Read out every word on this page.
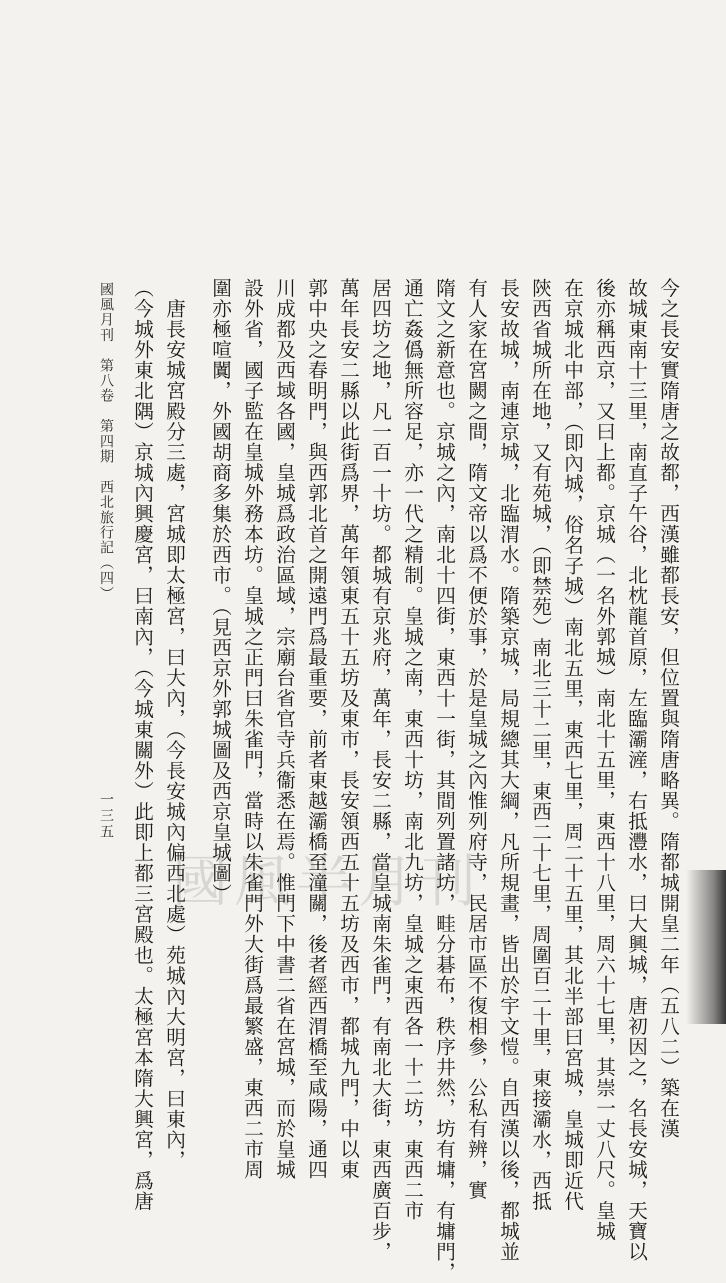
今之長安實隋唐之故都，西漢雖都長安，但位置與隋唐略異。隋都城開皇二年（五八二）築在漢
故城東南十三里，南直子午谷，北枕龍首原，左臨灞滻，右抵灃水，曰大興城，唐初因之，名長安城，天寶以
後亦稱西京，又曰上都。京城（一名外郭城）南北十五里，東西十八里，周六十七里，其崇一丈八尺。皇城
在京城北中部，（即內城，俗名子城）南北五里，東西七里，周二十五里，其北半部曰宮城，皇城即近代
陝西省城所在地，又有苑城，（即禁苑）南北三十二里，東西二十七里，周圍百二十里，東接灞水，西抵
長安故城，南連京城，北臨渭水。隋築京城，局規總其大綱，凡所規畫，皆出於宇文愷。自西漢以後，都城並
有人家在宮闕之間，隋文帝以爲不便於事，於是皇城之內惟列府寺，民居市區不復相參，公私有辨，實
隋文之新意也。京城之內，南北十四街，東西十一街，其間列置諸坊，畦分碁布，秩序井然，坊有墉，有墉門，
通亡姦僞無所容足，亦一代之精制。皇城之南，東西十坊，南北九坊，皇城之東西各一十二坊，東西二市
居四坊之地，凡一百一十坊。都城有京兆府，萬年，長安二縣，當皇城南朱雀門，有南北大街，東西廣百步，
萬年長安二縣以此街爲界，萬年領東五十五坊及東市，長安領西五十五坊及西市，都城九門，中以東
郭中央之春明門，與西郭北首之開遠門爲最重要，前者東越灞橋至潼關，後者經西渭橋至咸陽，通四
川成都及西域各國，皇城爲政治區域，宗廟台省官寺兵衞悉在焉。惟門下中書二省在宮城，而於皇城
設外省，國子監在皇城外務本坊。皇城之正門曰朱雀門，當時以朱雀門外大街爲最繁盛，東西二市周
圍亦極喧闐，外國胡商多集於西市。（見西京外郭城圖及西京皇城圖）
　唐長安城宮殿分三處，宮城即太極宮，曰大內，（今長安城內偏西北處）苑城內大明宮，曰東內，
（今城外東北隅）京城內興慶宮，曰南內，（今城東關外）此即上都三宮殿也。太極宮本隋大興宮，爲唐
國風月刊　第八卷　第四期　西北旅行記（四）
一三五
國風半月刊
